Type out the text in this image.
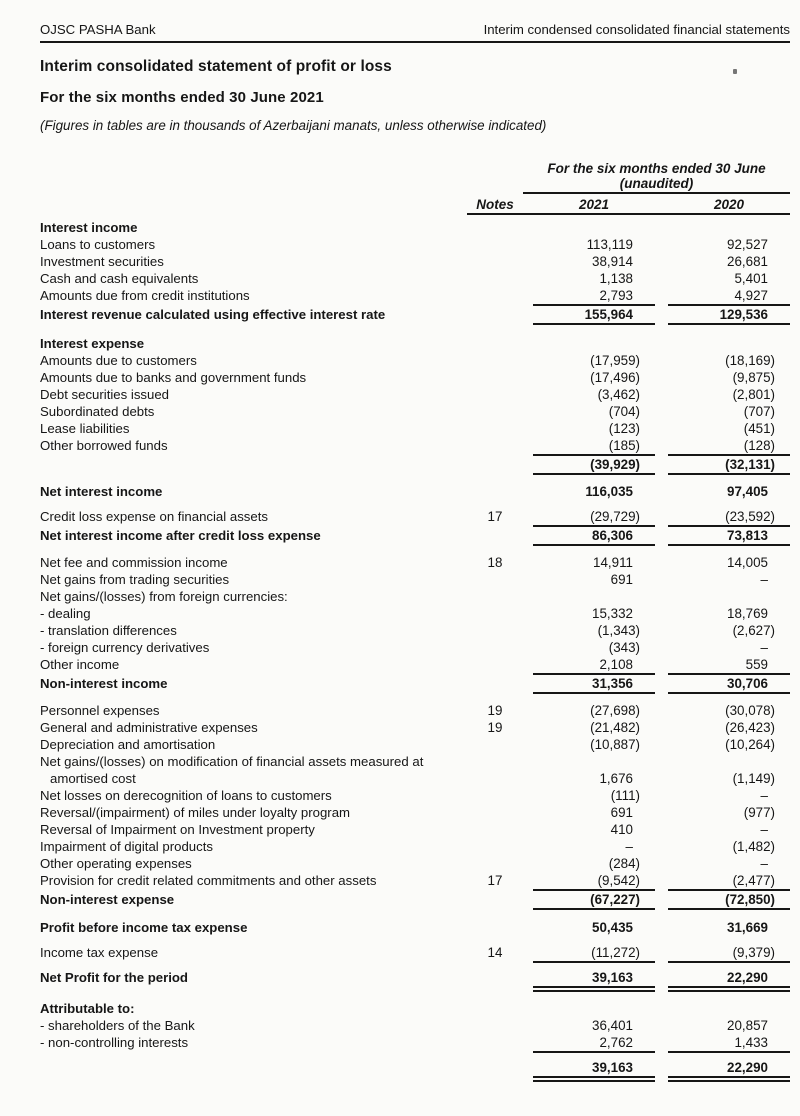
OJSC PASHA Bank	Interim condensed consolidated financial statements
Interim consolidated statement of profit or loss
For the six months ended 30 June 2021

(Figures in tables are in thousands of Azerbaijani manats, unless otherwise indicated)

For the six months ended 30 June
(unaudited)
Notes	2021	2020
Interest income
Loans to customers	113,119	92,527
Investment securities	38,914	26,681
Cash and cash equivalents	1,138	5,401
Amounts due from credit institutions	2,793	4,927
Interest revenue calculated using effective interest rate	155,964	129,536
Interest expense
Amounts due to customers	(17,959)	(18,169)
Amounts due to banks and government funds	(17,496)	(9,875)
Debt securities issued	(3,462)	(2,801)
Subordinated debts	(704)	(707)
Lease liabilities	(123)	(451)
Other borrowed funds	(185)	(128)
(39,929)	(32,131)
Net interest income	116,035	97,405
Credit loss expense on financial assets	17	(29,729)	(23,592)
Net interest income after credit loss expense	86,306	73,813
Net fee and commission income	18	14,911	14,005
Net gains from trading securities	691	–
Net gains/(losses) from foreign currencies:
- dealing	15,332	18,769
- translation differences	(1,343)	(2,627)
- foreign currency derivatives	(343)	–
Other income	2,108	559
Non-interest income	31,356	30,706
Personnel expenses	19	(27,698)	(30,078)
General and administrative expenses	19	(21,482)	(26,423)
Depreciation and amortisation	(10,887)	(10,264)
Net gains/(losses) on modification of financial assets measured at
amortised cost	1,676	(1,149)
Net losses on derecognition of loans to customers	(111)	–
Reversal/(impairment) of miles under loyalty program	691	(977)
Reversal of Impairment on Investment property	410	–
Impairment of digital products	–	(1,482)
Other operating expenses	(284)	–
Provision for credit related commitments and other assets	17	(9,542)	(2,477)
Non-interest expense	(67,227)	(72,850)
Profit before income tax expense	50,435	31,669
Income tax expense	14	(11,272)	(9,379)
Net Profit for the period	39,163	22,290
Attributable to:
- shareholders of the Bank	36,401	20,857
- non-controlling interests	2,762	1,433
39,163	22,290
